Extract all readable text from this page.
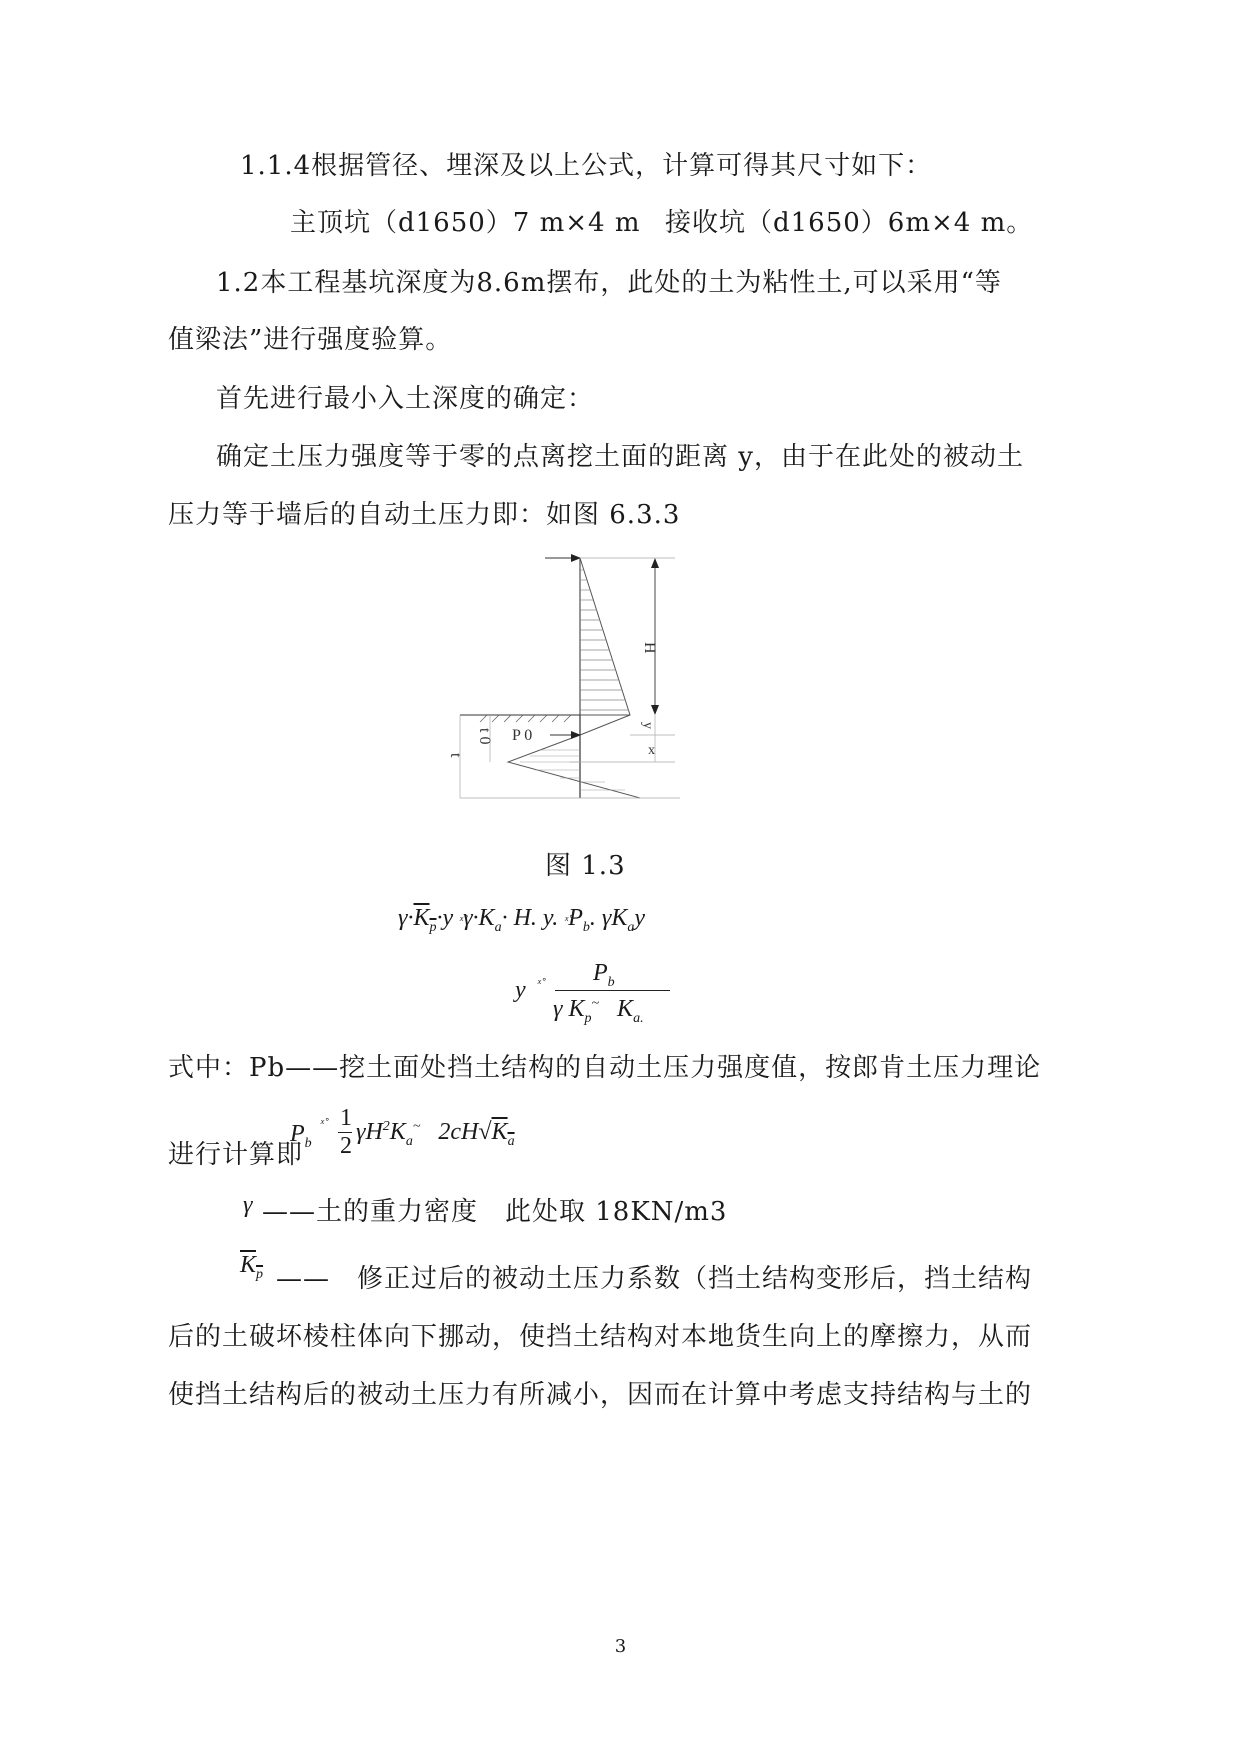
1.1.4根据管径、埋深及以上公式，计算可得其尺寸如下：
主顶坑（d1650）7 m×4 m 接收坑（d1650）6m×4 m。
1.2本工程基坑深度为8.6m摆布，此处的土为粘性土,可以采用“等
值梁法”进行强度验算。
首先进行最小入土深度的确定：
确定土压力强度等于零的点离挖土面的距离 y，由于在此处的被动土
压力等于墙后的自动土压力即：如图 6.3.3
H
y
x
t 0
t
P 0
图 1.3
$\gamma\cdot K_p\cdot y$ $ˣ̊\gamma\cdot K_a\cdot H$. y. $ˣ̊P_b$. $\gamma K_ay$
y ˣ̊ $P_b$
γ $K_p^\sim$ $K_{a.}$
式中：Pb——挖土面处挡土结构的自动土压力强度值，按郎肯土压力理论
进行计算即
$P_b$
ˣ̊ 1
2
$\gamma H^2K_a^\sim$ $2cH√K_a$
γ ——土的重力密度　此处取 18KN/m3
$K_p$ ——　修正过后的被动土压力系数（挡土结构变形后，挡土结构
后的土破坏棱柱体向下挪动，使挡土结构对本地货生向上的摩擦力，从而
使挡土结构后的被动土压力有所减小，因而在计算中考虑支持结构与土的
3
